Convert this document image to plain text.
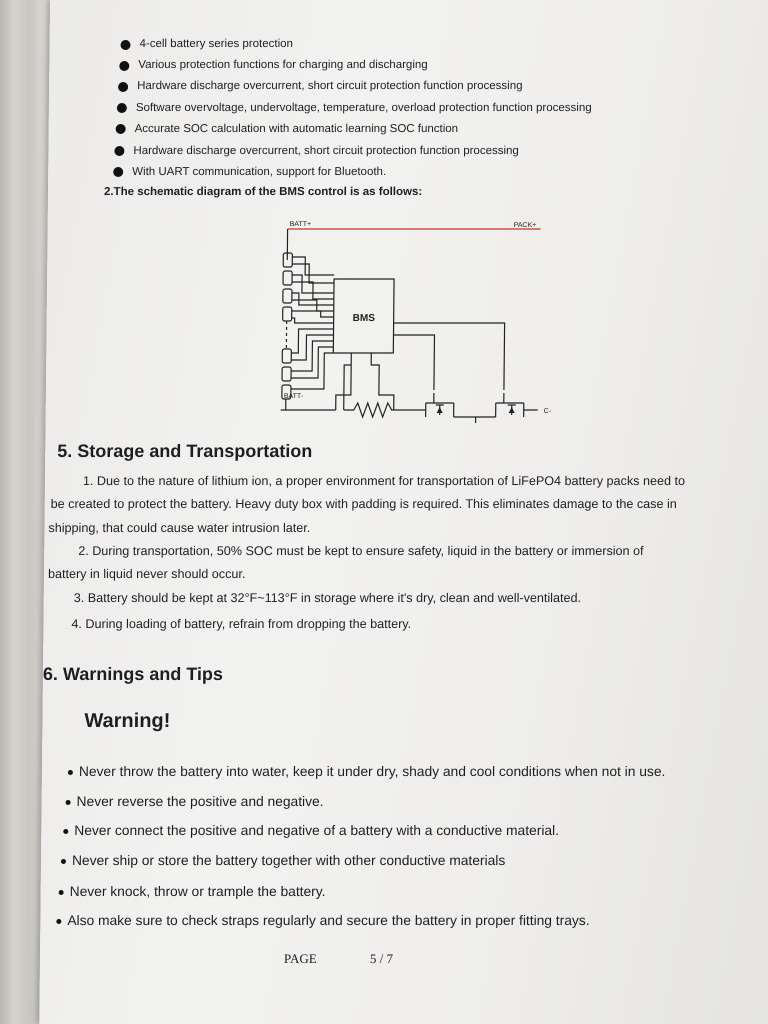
4-cell battery series protection
Various protection functions for charging and discharging
Hardware discharge overcurrent, short circuit protection function processing
Software overvoltage, undervoltage, temperature, overload protection function processing
Accurate SOC calculation with automatic learning SOC function
Hardware discharge overcurrent, short circuit protection function processing
With UART communication, support for Bluetooth.
2.The schematic diagram of the BMS control is as follows:
BATT+	PACK+
BMS
BATT-
C-
5. Storage and Transportation
1. Due to the nature of lithium ion, a proper environment for transportation of LiFePO4 battery packs need to
be created to protect the battery. Heavy duty box with padding is required. This eliminates damage to the case in
shipping, that could cause water intrusion later.
2. During transportation, 50% SOC must be kept to ensure safety, liquid in the battery or immersion of
battery in liquid never should occur.
3. Battery should be kept at 32°F~113°F in storage where it's dry, clean and well-ventilated.
4. During loading of battery, refrain from dropping the battery.
6. Warnings and Tips
Warning!
Never throw the battery into water, keep it under dry, shady and cool conditions when not in use.
Never reverse the positive and negative.
Never connect the positive and negative of a battery with a conductive material.
Never ship or store the battery together with other conductive materials
Never knock, throw or trample the battery.
Also make sure to check straps regularly and secure the battery in proper fitting trays.
PAGE	5 / 7
